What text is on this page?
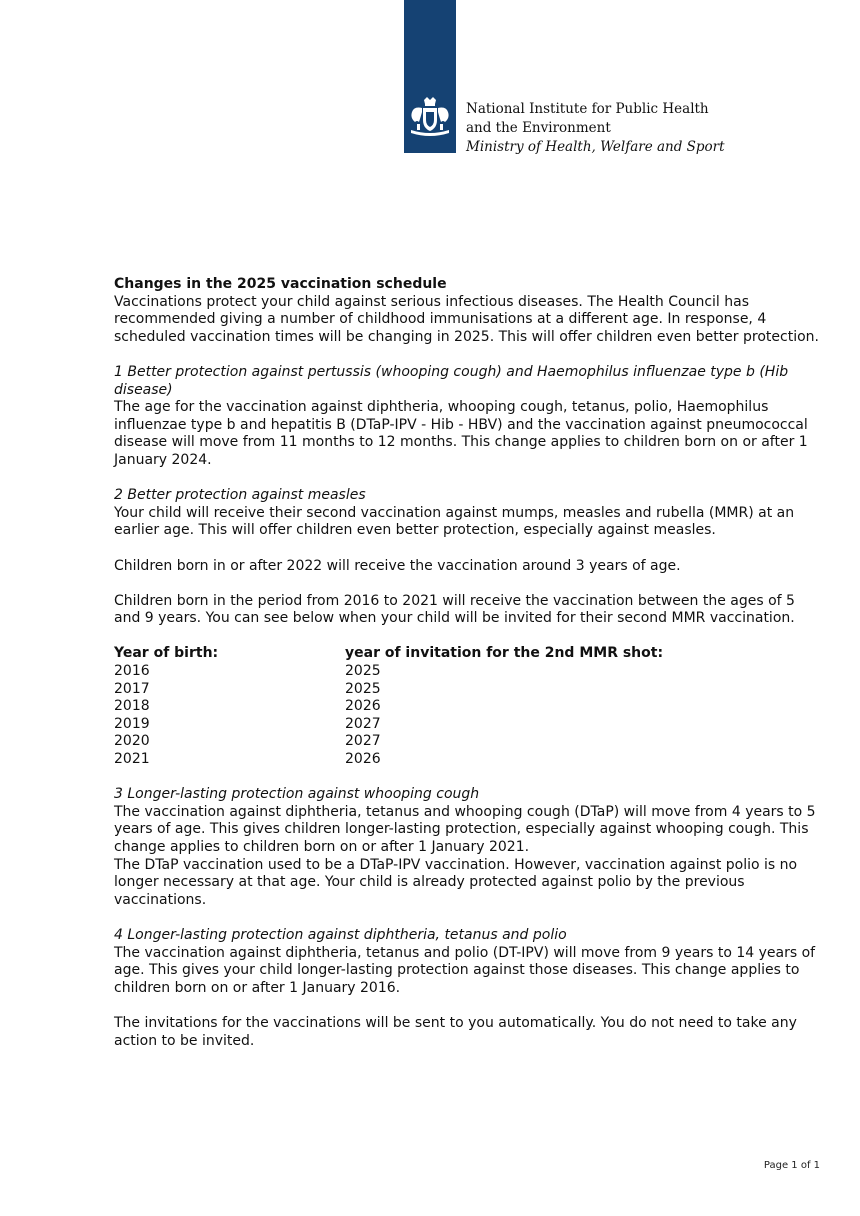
National Institute for Public Health
and the Environment
Ministry of Health, Welfare and Sport

Changes in the 2025 vaccination schedule

Vaccinations protect your child against serious infectious diseases. The Health Council has recommended giving a number of childhood immunisations at a different age. In response, 4 scheduled vaccination times will be changing in 2025. This will offer children even better protection.

1 Better protection against pertussis (whooping cough) and Haemophilus influenzae type b (Hib disease)

The age for the vaccination against diphtheria, whooping cough, tetanus, polio, Haemophilus influenzae type b and hepatitis B (DTaP-IPV - Hib - HBV) and the vaccination against pneumococcal disease will move from 11 months to 12 months. This change applies to children born on or after 1 January 2024.

2 Better protection against measles

Your child will receive their second vaccination against mumps, measles and rubella (MMR) at an earlier age. This will offer children even better protection, especially against measles.

Children born in or after 2022 will receive the vaccination around 3 years of age.

Children born in the period from 2016 to 2021 will receive the vaccination between the ages of 5 and 9 years. You can see below when your child will be invited for their second MMR vaccination.

Year of birth:	year of invitation for the 2nd MMR shot:
2016	2025
2017	2025
2018	2026
2019	2027
2020	2027
2021	2026

3 Longer-lasting protection against whooping cough

The vaccination against diphtheria, tetanus and whooping cough (DTaP) will move from 4 years to 5 years of age. This gives children longer-lasting protection, especially against whooping cough. This change applies to children born on or after 1 January 2021.

The DTaP vaccination used to be a DTaP-IPV vaccination. However, vaccination against polio is no longer necessary at that age. Your child is already protected against polio by the previous vaccinations.

4 Longer-lasting protection against diphtheria, tetanus and polio

The vaccination against diphtheria, tetanus and polio (DT-IPV) will move from 9 years to 14 years of age. This gives your child longer-lasting protection against those diseases. This change applies to children born on or after 1 January 2016.

The invitations for the vaccinations will be sent to you automatically. You do not need to take any action to be invited.

Page 1 of 1
